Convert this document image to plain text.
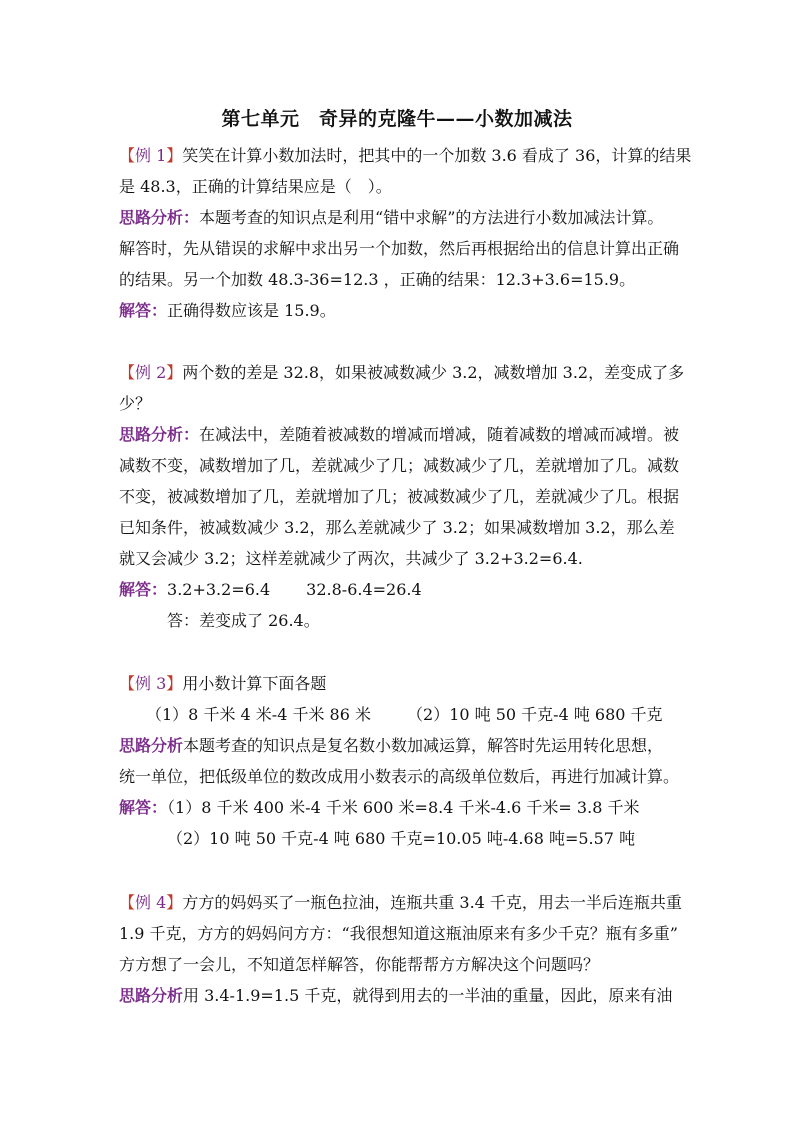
第七单元　奇异的克隆牛——小数加减法
【例 1】笑笑在计算小数加法时，把其中的一个加数 3.6 看成了 36，计算的结果
是 48.3，正确的计算结果应是（　）。
思路分析：本题考查的知识点是利用“错中求解”的方法进行小数加减法计算。
解答时，先从错误的求解中求出另一个加数，然后再根据给出的信息计算出正确
的结果。另一个加数 48.3-36=12.3 ，正确的结果：12.3+3.6=15.9。
解答：正确得数应该是 15.9。
【例 2】两个数的差是 32.8，如果被减数减少 3.2，减数增加 3.2，差变成了多
少？
思路分析：在减法中，差随着被减数的增减而增减，随着减数的增减而减增。被
减数不变，减数增加了几，差就减少了几；减数减少了几，差就增加了几。减数
不变，被减数增加了几，差就增加了几；被减数减少了几，差就减少了几。根据
已知条件，被减数减少 3.2，那么差就减少了 3.2；如果减数增加 3.2，那么差
就又会减少 3.2；这样差就减少了两次，共减少了 3.2+3.2=6.4.
解答：3.2+3.2=6.4 32.8-6.4=26.4
答：差变成了 26.4。
【例 3】用小数计算下面各题
（1）8 千米 4 米-4 千米 86 米 （2）10 吨 50 千克-4 吨 680 千克
思路分析本题考查的知识点是复名数小数加减运算，解答时先运用转化思想，
统一单位，把低级单位的数改成用小数表示的高级单位数后，再进行加减计算。
解答：（1）8 千米 400 米-4 千米 600 米=8.4 千米-4.6 千米= 3.8 千米
（2）10 吨 50 千克-4 吨 680 千克=10.05 吨-4.68 吨=5.57 吨
【例 4】方方的妈妈买了一瓶色拉油，连瓶共重 3.4 千克，用去一半后连瓶共重
1.9 千克，方方的妈妈问方方：“我很想知道这瓶油原来有多少千克？瓶有多重”
方方想了一会儿，不知道怎样解答，你能帮帮方方解决这个问题吗？
思路分析用 3.4-1.9=1.5 千克，就得到用去的一半油的重量，因此，原来有油
